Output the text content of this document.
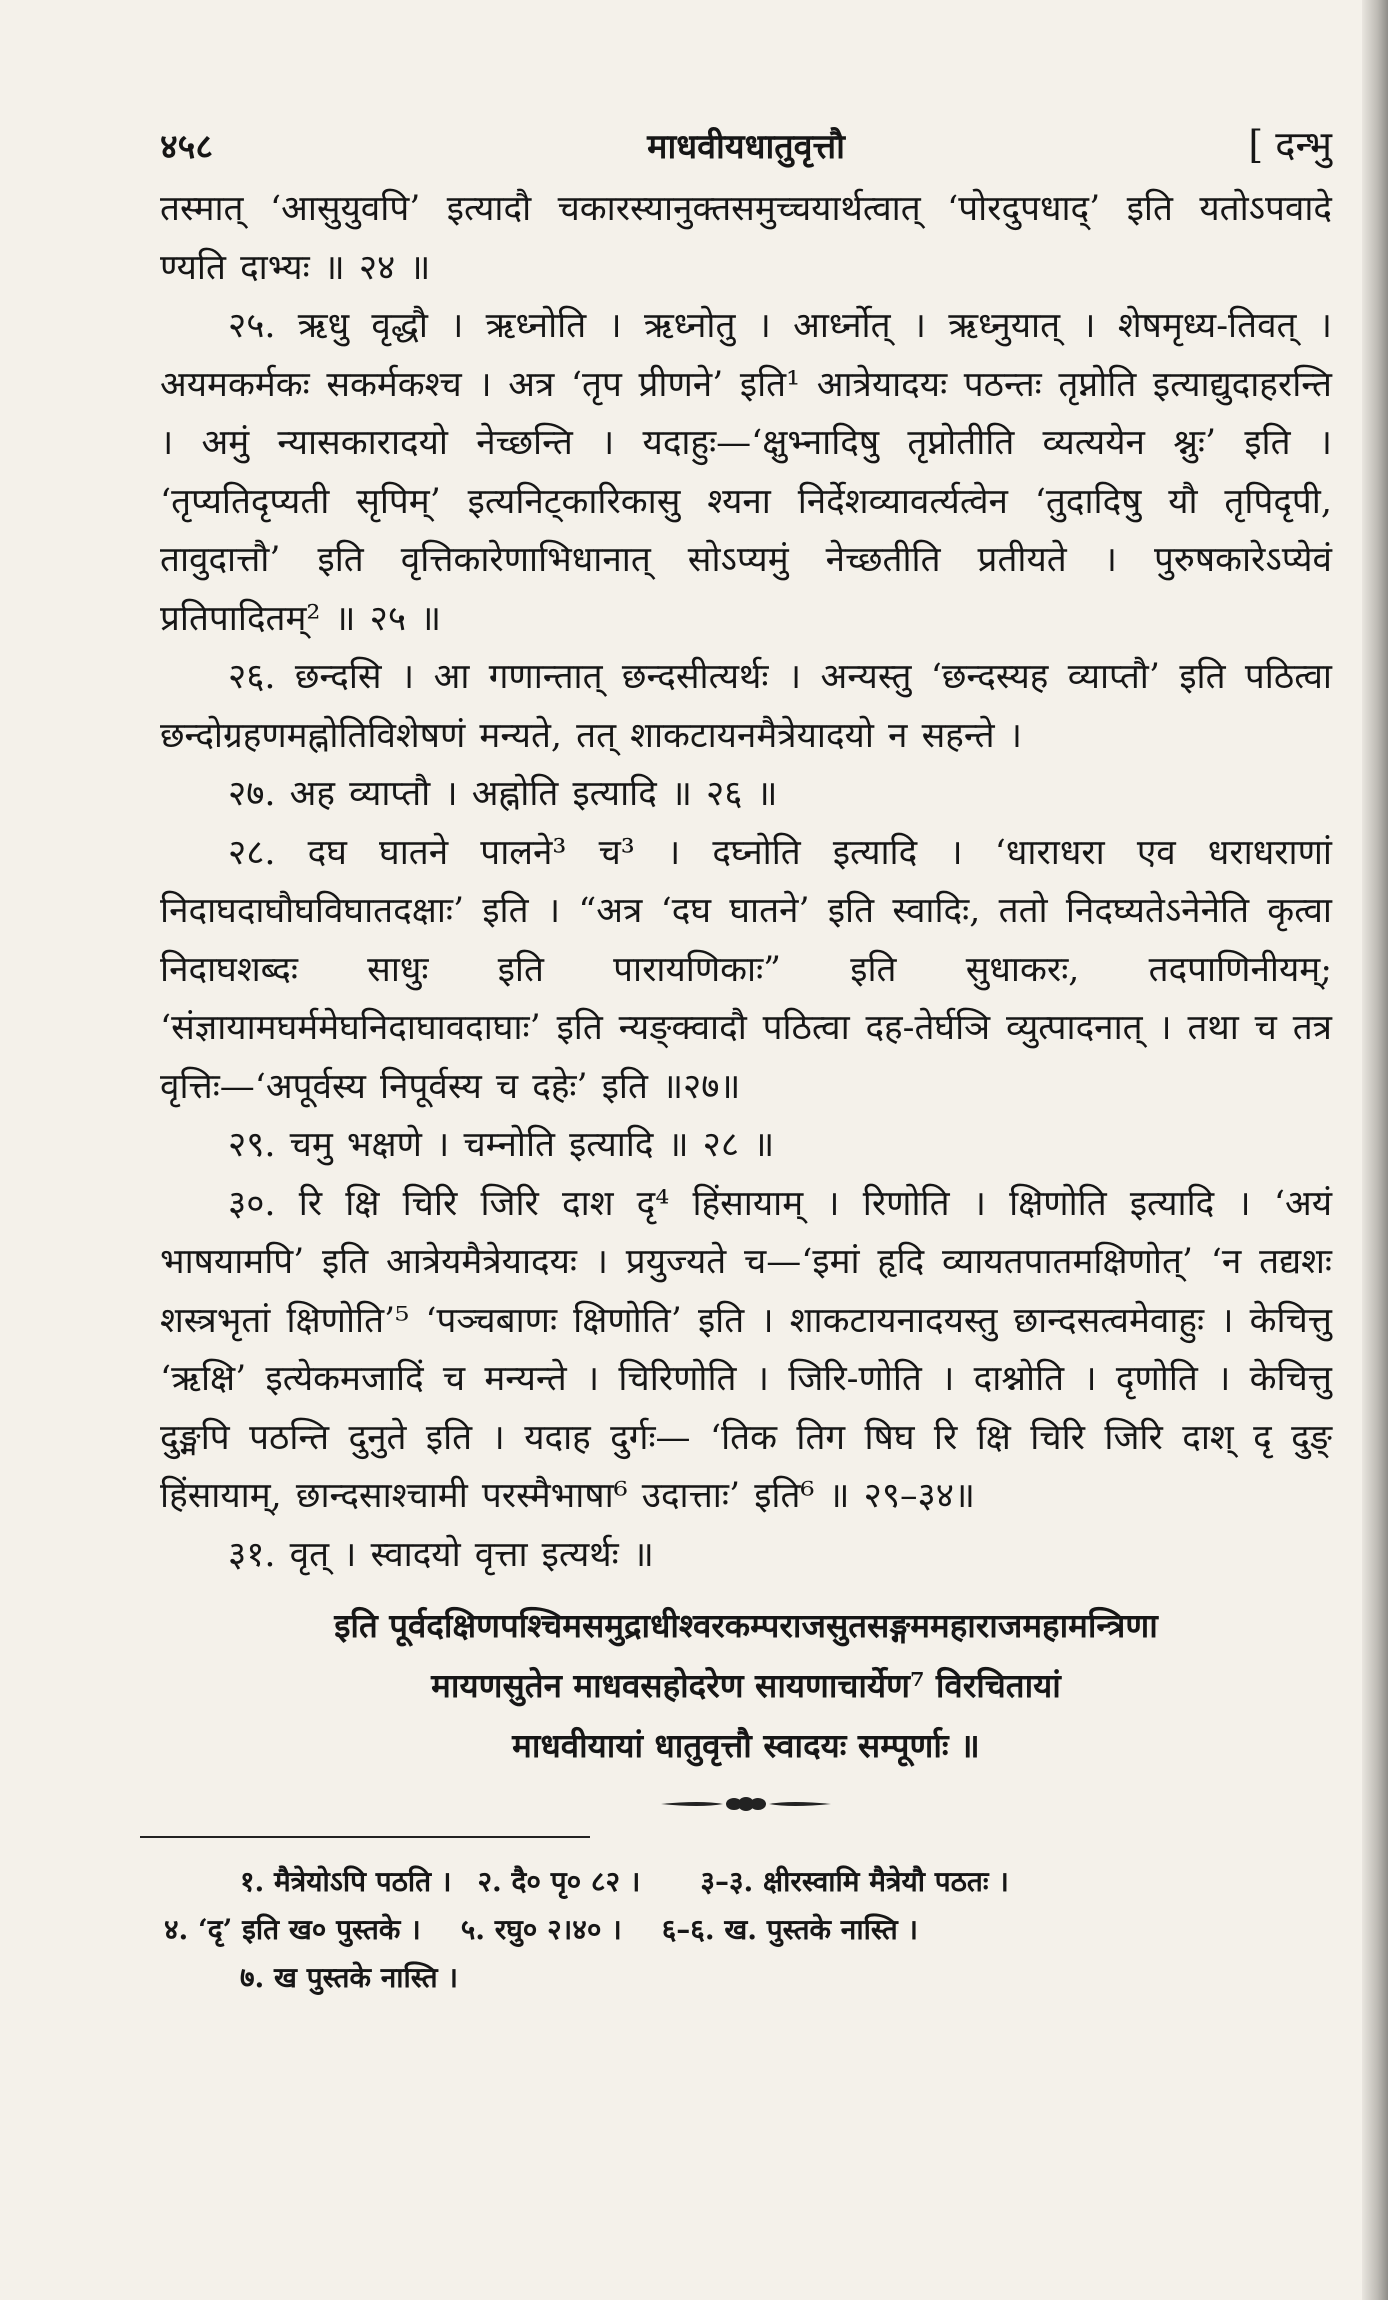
४५८	माधवीयधातुवृत्तौ	[ दन्भु

तस्मात् ‘आसुयुवपि’ इत्यादौ चकारस्यानुक्तसमुच्चयार्थत्वात् ‘पोरदुपधाद्’ इति यतोऽपवादे ण्यति दाभ्यः ॥ २४ ॥

२५. ऋधु वृद्धौ । ऋध्नोति । ऋध्नोतु । आर्ध्नोत् । ऋध्नुयात् । शेषमृध्य-तिवत् । अयमकर्मकः सकर्मकश्च । अत्र ‘तृप प्रीणने’ इति¹ आत्रेयादयः पठन्तः तृप्नोति इत्याद्युदाहरन्ति । अमुं न्यासकारादयो नेच्छन्ति । यदाहुः—‘क्षुभ्नादिषु तृप्नोतीति व्यत्ययेन श्नुः’ इति । ‘तृप्यतिदृप्यती सृपिम्’ इत्यनिट्कारिकासु श्यना निर्देशव्यावर्त्यत्वेन ‘तुदादिषु यौ तृपिदृपी, तावुदात्तौ’ इति वृत्तिकारेणाभिधानात् सोऽप्यमुं नेच्छतीति प्रतीयते । पुरुषकारेऽप्येवं प्रतिपादितम्² ॥ २५ ॥

२६. छन्दसि । आ गणान्तात् छन्दसीत्यर्थः । अन्यस्तु ‘छन्दस्यह व्याप्तौ’ इति पठित्वा छन्दोग्रहणमह्नोतिविशेषणं मन्यते, तत् शाकटायनमैत्रेयादयो न सहन्ते ।

२७. अह व्याप्तौ । अह्नोति इत्यादि ॥ २६ ॥

२८. दघ घातने पालने³ च³ । दघ्नोति इत्यादि । ‘धाराधरा एव धराधराणां निदाघदाघौघविघातदक्षाः’ इति । “अत्र ‘दघ घातने’ इति स्वादिः, ततो निदघ्यतेऽनेनेति कृत्वा निदाघशब्दः साधुः इति पारायणिकाः” इति सुधाकरः, तदपाणिनीयम्; ‘संज्ञायामघर्ममेघनिदाघावदाघाः’ इति न्यङ्क्वादौ पठित्वा दह-तेर्घञि व्युत्पादनात् । तथा च तत्र वृत्तिः—‘अपूर्वस्य निपूर्वस्य च दहेः’ इति ॥२७॥

२९. चमु भक्षणे । चम्नोति इत्यादि ॥ २८ ॥

३०. रि क्षि चिरि जिरि दाश दृ⁴ हिंसायाम् । रिणोति । क्षिणोति इत्यादि । ‘अयं भाषयामपि’ इति आत्रेयमैत्रेयादयः । प्रयुज्यते च—‘इमां हृदि व्यायतपातमक्षिणोत्’ ‘न तद्यशः शस्त्रभृतां क्षिणोति’⁵ ‘पञ्चबाणः क्षिणोति’ इति । शाकटायनादयस्तु छान्दसत्वमेवाहुः । केचित्तु ‘ऋक्षि’ इत्येकमजादिं च मन्यन्ते । चिरिणोति । जिरि-णोति । दाश्नोति । दृणोति । केचित्तु दुङ्मपि पठन्ति दुनुते इति । यदाह दुर्गः— ‘तिक तिग षिघ रि क्षि चिरि जिरि दाश् दृ दुङ् हिंसायाम्, छान्दसाश्चामी परस्मैभाषा⁶ उदात्ताः’ इति⁶ ॥ २९–३४॥

३१. वृत् । स्वादयो वृत्ता इत्यर्थः ॥

इति पूर्वदक्षिणपश्चिमसमुद्राधीश्वरकम्पराजसुतसङ्गममहाराजमहामन्त्रिणा
मायणसुतेन माधवसहोदरेण सायणाचार्येण⁷ विरचितायां
माधवीयायां धातुवृत्तौ स्वादयः सम्पूर्णाः ॥
१. मैत्रेयोऽपि पठति । २. दै० पृ० ८२ । ३–३. क्षीरस्वामि मैत्रेयौ पठतः ।
४. ‘दृ’ इति ख० पुस्तके । ५. रघु० २।४० । ६–६. ख. पुस्तके नास्ति ।
७. ख पुस्तके नास्ति ।
